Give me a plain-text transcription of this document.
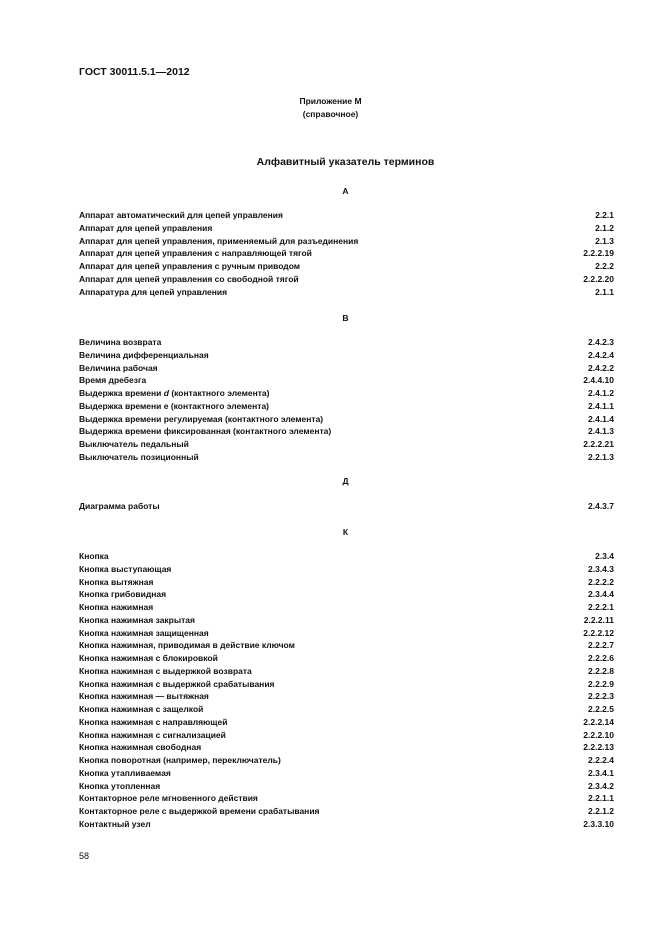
ГОСТ 30011.5.1—2012
Приложение М
(справочное)
Алфавитный указатель терминов
А
Аппарат автоматический для цепей управления	2.2.1
Аппарат для цепей управления	2.1.2
Аппарат для цепей управления, применяемый для разъединения	2.1.3
Аппарат для цепей управления с направляющей тягой	2.2.2.19
Аппарат для цепей управления с ручным приводом	2.2.2
Аппарат для цепей управления со свободной тягой	2.2.2.20
Аппаратура для цепей управления	2.1.1
В
Величина возврата	2.4.2.3
Величина дифференциальная	2.4.2.4
Величина рабочая	2.4.2.2
Время дребезга	2.4.4.10
Выдержка времени d (контактного элемента)	2.4.1.2
Выдержка времени e (контактного элемента)	2.4.1.1
Выдержка времени регулируемая (контактного элемента)	2.4.1.4
Выдержка времени фиксированная (контактного элемента)	2.4.1.3
Выключатель педальный	2.2.2.21
Выключатель позиционный	2.2.1.3
Д
Диаграмма работы	2.4.3.7
К
Кнопка	2.3.4
Кнопка выступающая	2.3.4.3
Кнопка вытяжная	2.2.2.2
Кнопка грибовидная	2.3.4.4
Кнопка нажимная	2.2.2.1
Кнопка нажимная закрытая	2.2.2.11
Кнопка нажимная защищенная	2.2.2.12
Кнопка нажимная, приводимая в действие ключом	2.2.2.7
Кнопка нажимная с блокировкой	2.2.2.6
Кнопка нажимная с выдержкой возврата	2.2.2.8
Кнопка нажимная с выдержкой срабатывания	2.2.2.9
Кнопка нажимная — вытяжная	2.2.2.3
Кнопка нажимная с защелкой	2.2.2.5
Кнопка нажимная с направляющей	2.2.2.14
Кнопка нажимная с сигнализацией	2.2.2.10
Кнопка нажимная свободная	2.2.2.13
Кнопка поворотная (например, переключатель)	2.2.2.4
Кнопка утапливаемая	2.3.4.1
Кнопка утопленная	2.3.4.2
Контакторное реле мгновенного действия	2.2.1.1
Контакторное реле с выдержкой времени срабатывания	2.2.1.2
Контактный узел	2.3.3.10
58
